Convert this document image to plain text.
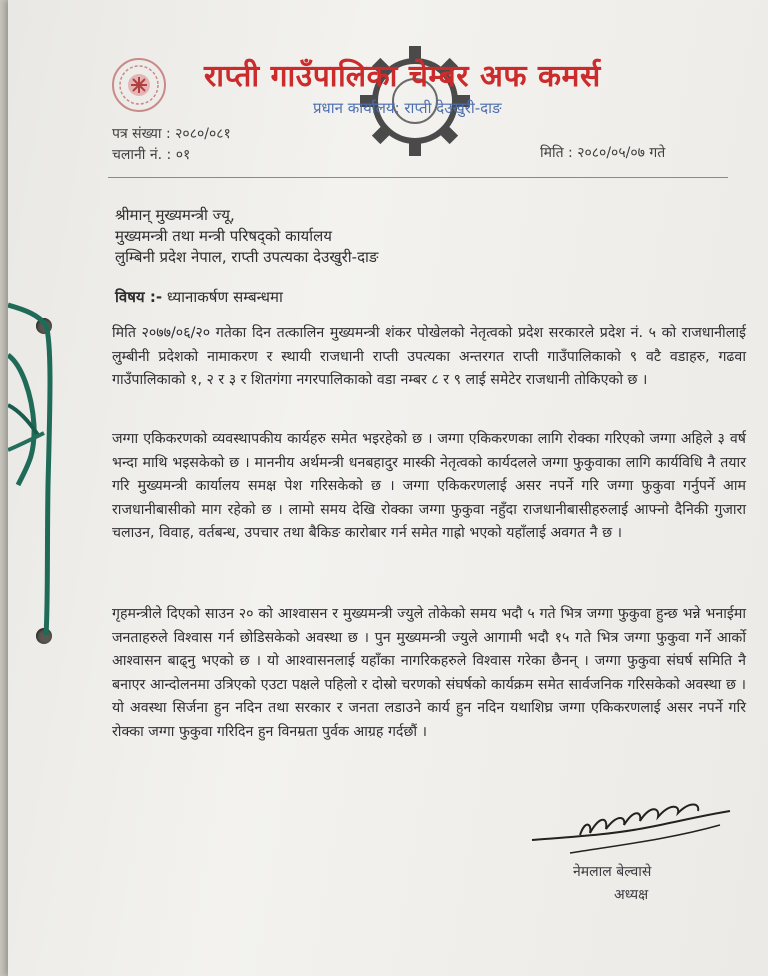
राप्ती गाउँपालिका चेम्बर अफ कमर्स
प्रधान कार्यालय: राप्ती देउखुरी-दाङ
पत्र संख्या : २०८०/०८१
चलानी नं. : ०१	मिति : २०८०/०५/०७ गते
श्रीमान् मुख्यमन्त्री ज्यू,
मुख्यमन्त्री तथा मन्त्री परिषद्को कार्यालय
लुम्बिनी प्रदेश नेपाल, राप्ती उपत्यका देउखुरी-दाङ
विषय :- ध्यानाकर्षण सम्बन्धमा

मिति २०७७/०६/२० गतेका दिन तत्कालिन मुख्यमन्त्री शंकर पोखेलको नेतृत्वको प्रदेश सरकारले प्रदेश नं. ५ को राजधानीलाई लुम्बीनी प्रदेशको नामाकरण र स्थायी राजधानी राप्ती उपत्यका अन्तरगत राप्ती गाउँपालिकाको ९ वटै वडाहरु, गढवा गाउँपालिकाको १, २ र ३ र शितगंगा नगरपालिकाको वडा नम्बर ८ र ९ लाई समेटेर राजधानी तोकिएको छ ।

जग्गा एकिकरणको व्यवस्थापकीय कार्यहरु समेत भइरहेको छ । जग्गा एकिकरणका लागि रोक्का गरिएको जग्गा अहिले ३ वर्ष भन्दा माथि भइसकेको छ । माननीय अर्थमन्त्री धनबहादुर मास्की नेतृत्वको कार्यदलले जग्गा फुकुवाका लागि कार्यविधि नै तयार गरि मुख्यमन्त्री कार्यालय समक्ष पेश गरिसकेको छ । जग्गा एकिकरणलाई असर नपर्ने गरि जग्गा फुकुवा गर्नुपर्ने आम राजधानीबासीको माग रहेको छ । लामो समय देखि रोक्का जग्गा फुकुवा नहुँदा राजधानीबासीहरुलाई आफ्नो दैनिकी गुजारा चलाउन, विवाह, वर्तबन्ध, उपचार तथा बैकिङ कारोबार गर्न समेत गाह्रो भएको यहाँलाई अवगत नै छ ।

गृहमन्त्रीले दिएको साउन २० को आश्वासन र मुख्यमन्त्री ज्युले तोकेको समय भदौ ५ गते भित्र जग्गा फुकुवा हुन्छ भन्ने भनाईमा जनताहरुले विश्वास गर्न छोडिसकेको अवस्था छ । पुन मुख्यमन्त्री ज्युले आगामी भदौ १५ गते भित्र जग्गा फुकुवा गर्ने आर्को आश्वासन बाढ्नु भएको छ । यो आश्वासनलाई यहाँका नागरिकहरुले विश्वास गरेका छैनन् । जग्गा फुकुवा संघर्ष समिति नै बनाएर आन्दोलनमा उत्रिएको एउटा पक्षले पहिलो र दोस्रो चरणको संघर्षको कार्यक्रम समेत सार्वजनिक गरिसकेको अवस्था छ । यो अवस्था सिर्जना हुन नदिन तथा सरकार र जनता लडाउने कार्य हुन नदिन यथाशिघ्र जग्गा एकिकरणलाई असर नपर्ने गरि रोक्का जग्गा फुकुवा गरिदिन हुन विनम्रता पुर्वक आग्रह गर्दछौं ।

नेमलाल बेल्वासे
अध्यक्ष
